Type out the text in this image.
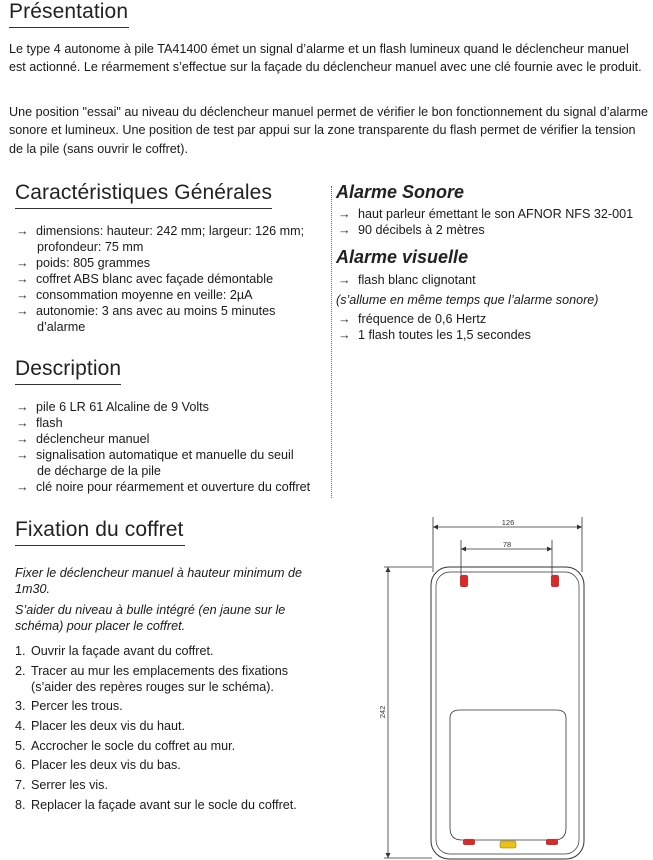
Présentation

Le type 4 autonome à pile TA41400 émet un signal d’alarme et un flash lumineux quand le déclencheur manuel est actionné. Le réarmement s’effectue sur la façade du déclencheur manuel avec une clé fournie avec le produit.

Une position "essai" au niveau du déclencheur manuel permet de vérifier le bon fonctionnement du signal d’alarme sonore et lumineux. Une position de test par appui sur la zone transparente du flash permet de vérifier la tension de la pile (sans ouvrir le coffret).

Caractéristiques Générales
→ dimensions: hauteur: 242 mm; largeur: 126 mm;
profondeur: 75 mm
→ poids: 805 grammes
→ coffret ABS blanc avec façade démontable
→ consommation moyenne en veille: 2µA
→ autonomie: 3 ans avec au moins 5 minutes
d’alarme
Description
→ pile 6 LR 61 Alcaline de 9 Volts
→ flash
→ déclencheur manuel
→ signalisation automatique et manuelle du seuil
de décharge de la pile
→ clé noire pour réarmement et ouverture du coffret
Alarme Sonore
→ haut parleur émettant le son AFNOR NFS 32-001
→ 90 décibels à 2 mètres
Alarme visuelle
→ flash blanc clignotant
(s’allume en même temps que l’alarme sonore)
→ fréquence de 0,6 Hertz
→ 1 flash toutes les 1,5 secondes
Fixation du coffret
Fixer le déclencheur manuel à hauteur minimum de 1m30.
S’aider du niveau à bulle intégré (en jaune sur le schéma) pour placer le coffret.
1. Ouvrir la façade avant du coffret.
2. Tracer au mur les emplacements des fixations
(s’aider des repères rouges sur le schéma).
3. Percer les trous.
4. Placer les deux vis du haut.
5. Accrocher le socle du coffret au mur.
6. Placer les deux vis du bas.
7. Serrer les vis.
8. Replacer la façade avant sur le socle du coffret.
126
78
242
